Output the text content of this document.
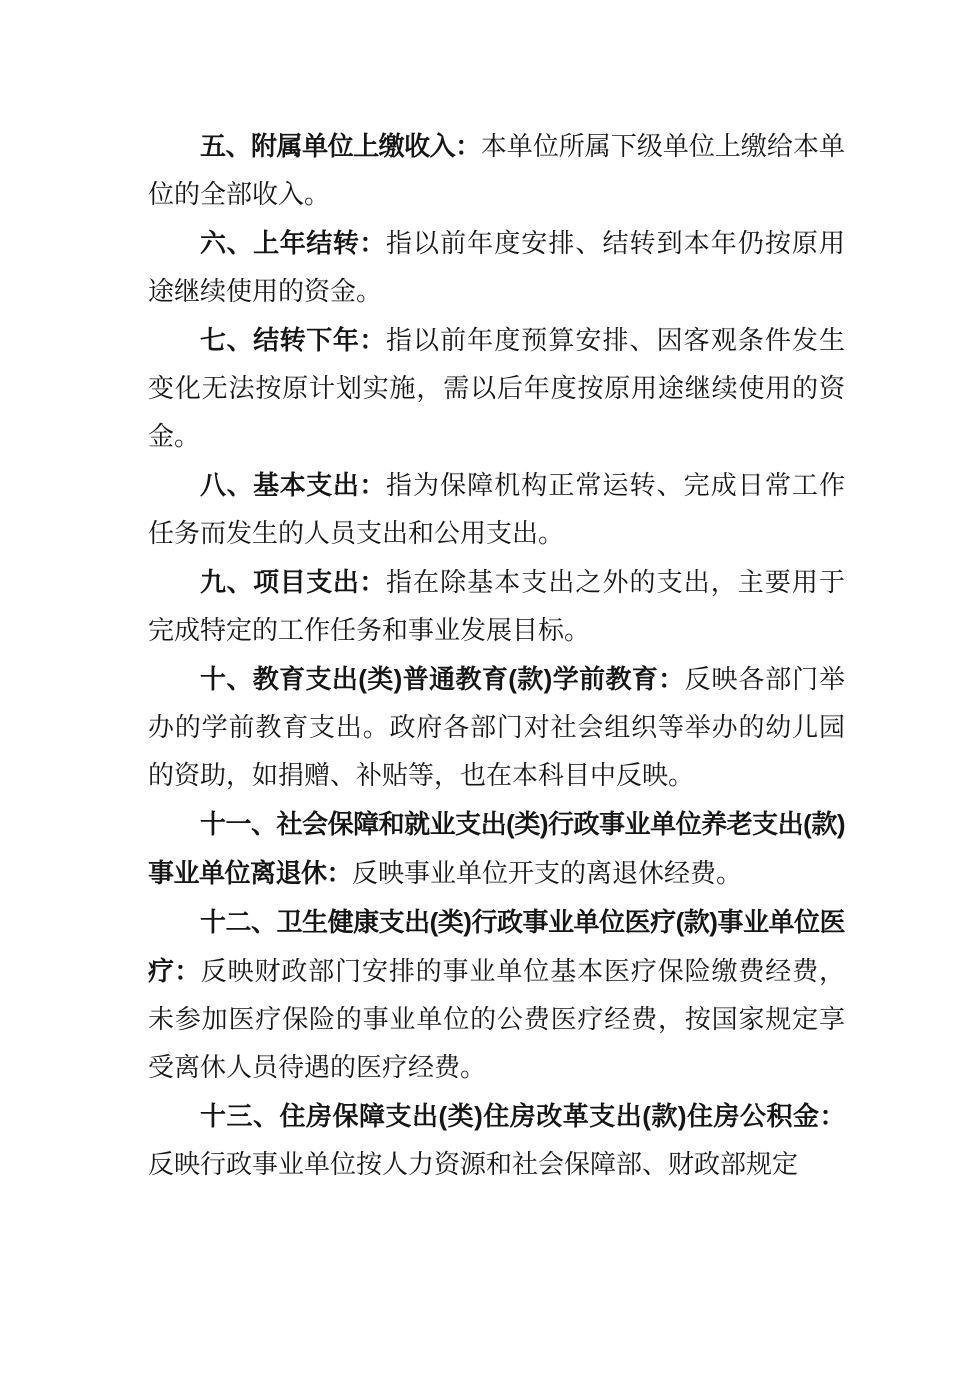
五、附属单位上缴收入：本单位所属下级单位上缴给本单位的全部收入。

六、上年结转：指以前年度安排、结转到本年仍按原用途继续使用的资金。

七、结转下年：指以前年度预算安排、因客观条件发生变化无法按原计划实施，需以后年度按原用途继续使用的资金。

八、基本支出：指为保障机构正常运转、完成日常工作任务而发生的人员支出和公用支出。

九、项目支出：指在除基本支出之外的支出，主要用于完成特定的工作任务和事业发展目标。

十、教育支出(类)普通教育(款)学前教育：反映各部门举办的学前教育支出。政府各部门对社会组织等举办的幼儿园的资助，如捐赠、补贴等，也在本科目中反映。

十一、社会保障和就业支出(类)行政事业单位养老支出(款)事业单位离退休：反映事业单位开支的离退休经费。

十二、卫生健康支出(类)行政事业单位医疗(款)事业单位医疗：反映财政部门安排的事业单位基本医疗保险缴费经费，未参加医疗保险的事业单位的公费医疗经费，按国家规定享受离休人员待遇的医疗经费。

十三、住房保障支出(类)住房改革支出(款)住房公积金：反映行政事业单位按人力资源和社会保障部、财政部规定
